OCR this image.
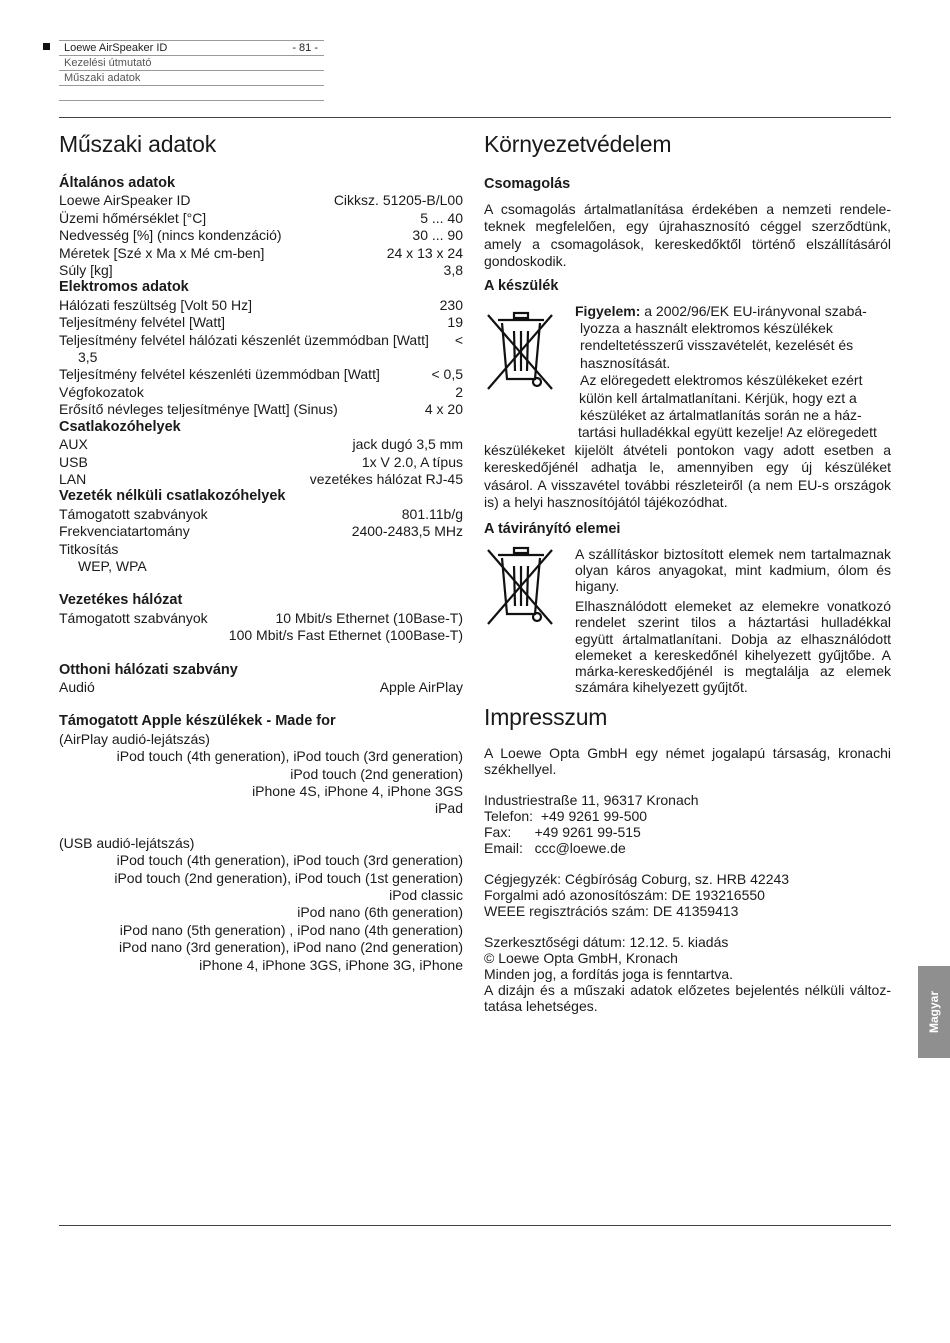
Loewe AirSpeaker ID	- 81 -
Kezelési útmutató
Műszaki adatok
Műszaki adatok
Általános adatok
Loewe AirSpeaker ID	Cikksz. 51205-B/L00
Üzemi hőmérséklet [°C]	5 ... 40
Nedvesség [%] (nincs kondenzáció)	30 ... 90
Méretek [Szé x Ma x Mé cm-ben]	24 x 13 x 24
Súly [kg]	3,8
Elektromos adatok
Hálózati feszültség [Volt 50 Hz]	230
Teljesítmény felvétel [Watt]	19
Teljesítmény felvétel hálózati készenlét üzemmódban [Watt] <
3,5
Teljesítmény felvétel készenléti üzemmódban [Watt]	< 0,5
Végfokozatok	2
Erősítő névleges teljesítménye [Watt] (Sinus)	4 x 20
Csatlakozóhelyek
AUX	jack dugó 3,5 mm
USB	1x V 2.0, A típus
LAN	vezetékes hálózat RJ-45
Vezeték nélküli csatlakozóhelyek
Támogatott szabványok	801.11b/g
Frekvenciatartomány	2400-2483,5 MHz
Titkosítás
WEP, WPA
Vezetékes hálózat
Támogatott szabványok	10 Mbit/s Ethernet (10Base-T)
100 Mbit/s Fast Ethernet (100Base-T)
Otthoni hálózati szabvány
Audió	Apple AirPlay
Támogatott Apple készülékek - Made for
(AirPlay audió-lejátszás)
iPod touch (4th generation), iPod touch (3rd generation)
iPod touch (2nd generation)
iPhone 4S, iPhone 4, iPhone 3GS
iPad
(USB audió-lejátszás)
iPod touch (4th generation), iPod touch (3rd generation)
iPod touch (2nd generation), iPod touch (1st generation)
iPod classic
iPod nano (6th generation)
iPod nano (5th generation) , iPod nano (4th generation)
iPod nano (3rd generation), iPod nano (2nd generation)
iPhone 4, iPhone 3GS, iPhone 3G, iPhone
Környezetvédelem
Csomagolás

A csomagolás ártalmatlanítása érdekében a nemzeti rendele-teknek megfelelően, egy újrahasznosító céggel szerződtünk, amely a csomagolások, kereskedőktől történő elszállításáról gondoskodik.

A készülék
Figyelem: a 2002/96/EK EU-irányvonal szabá-
lyozza a használt elektromos készülékek
rendeltetésszerű visszavételét, kezelését és
hasznosítását.
Az elöregedett elektromos készülékeket ezért
külön kell ártalmatlanítani. Kérjük, hogy ezt a
készüléket az ártalmatlanítás során ne a ház-
tartási hulladékkal együtt kezelje! Az elöregedett

készülékeket kijelölt átvételi pontokon vagy adott esetben a kereskedőjénél adhatja le, amennyiben egy új készüléket vásárol. A visszavétel további részleteiről (a nem EU-s országok is) a helyi hasznosítójától tájékozódhat.

A távirányító elemei

A szállításkor biztosított elemek nem tartalmaznak olyan káros anyagokat, mint kadmium, ólom és higany.

Elhasználódott elemeket az elemekre vonatkozó rendelet szerint tilos a háztartási hulladékkal együtt ártalmatlanítani. Dobja az elhasználódott elemeket a kereskedőnél kihelyezett gyűjtőbe. A márka-kereskedőjénél is megtalálja az elemek számára kihelyezett gyűjtőt.

Impresszum

A Loewe Opta GmbH egy német jogalapú társaság, kronachi székhellyel.

Industriestraße 11, 96317 Kronach
Telefon:  +49 9261 99-500
Fax:      +49 9261 99-515
Email:   ccc@loewe.de
Cégjegyzék: Cégbíróság Coburg, sz. HRB 42243
Forgalmi adó azonosítószám: DE 193216550
WEEE regisztrációs szám: DE 41359413
Szerkesztőségi dátum: 12.12. 5. kiadás
© Loewe Opta GmbH, Kronach
Minden jog, a fordítás joga is fenntartva.
A dizájn és a műszaki adatok előzetes bejelentés nélküli változ-tatása lehetséges.	Magyar
